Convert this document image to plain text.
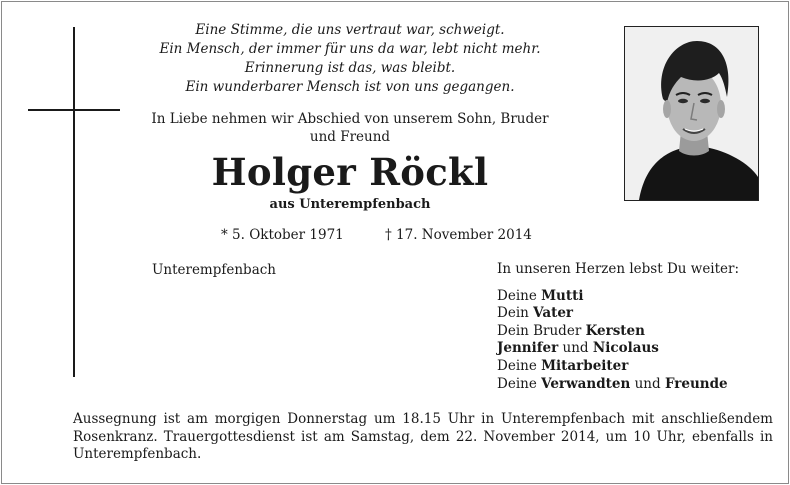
Eine Stimme, die uns vertraut war, schweigt.
Ein Mensch, der immer für uns da war, lebt nicht mehr.
Erinnerung ist das, was bleibt.
Ein wunderbarer Mensch ist von uns gegangen.
In Liebe nehmen wir Abschied von unserem Sohn, Bruder
und Freund
Holger Röckl
aus Unterempfenbach
* 5. Oktober 1971	† 17. November 2014
Unterempfenbach	In unseren Herzen lebst Du weiter:
Deine Mutti
Dein Vater
Dein Bruder Kersten
Jennifer und Nicolaus
Deine Mitarbeiter
Deine Verwandten und Freunde
Aussegnung ist am morgigen Donnerstag um 18.15 Uhr in Unterempfenbach mit anschließendem
Rosenkranz. Trauergottesdienst ist am Samstag, dem 22. November 2014, um 10 Uhr, ebenfalls in
Unterempfenbach.
